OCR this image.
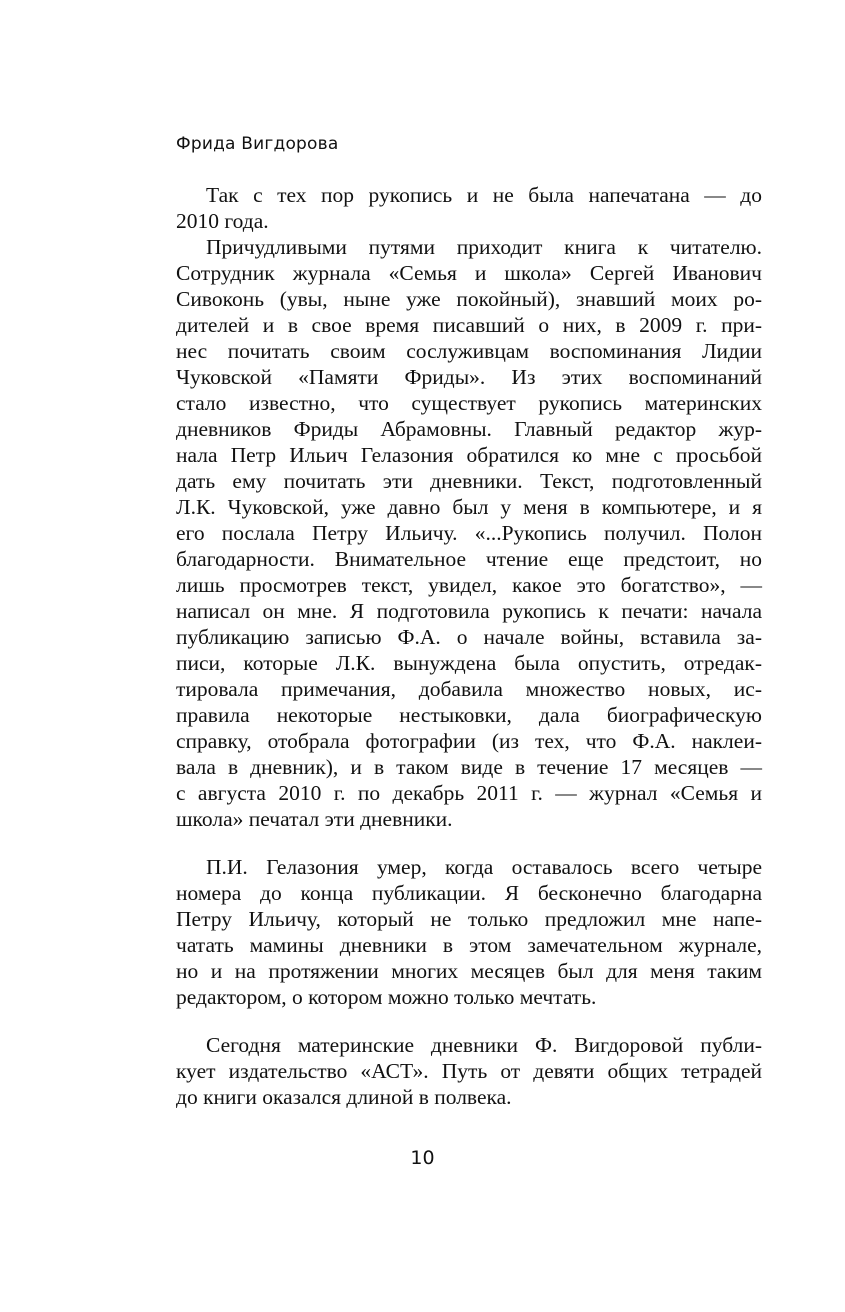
Фрида Вигдорова
Так с тех пор рукопись и не была напечатана — до
2010 года.
Причудливыми путями приходит книга к читателю.
Сотрудник журнала «Семья и школа» Сергей Иванович
Сивоконь (увы, ныне уже покойный), знавший моих ро-
дителей и в свое время писавший о них, в 2009 г. при-
нес почитать своим сослуживцам воспоминания Лидии
Чуковской «Памяти Фриды». Из этих воспоминаний
стало известно, что существует рукопись материнских
дневников Фриды Абрамовны. Главный редактор жур-
нала Петр Ильич Гелазония обратился ко мне с просьбой
дать ему почитать эти дневники. Текст, подготовленный
Л.К. Чуковской, уже давно был у меня в компьютере, и я
его послала Петру Ильичу. «...Рукопись получил. Полон
благодарности. Внимательное чтение еще предстоит, но
лишь просмотрев текст, увидел, какое это богатство», —
написал он мне. Я подготовила рукопись к печати: начала
публикацию записью Ф.А. о начале войны, вставила за-
писи, которые Л.К. вынуждена была опустить, отредак-
тировала примечания, добавила множество новых, ис-
правила некоторые нестыковки, дала биографическую
справку, отобрала фотографии (из тех, что Ф.А. наклеи-
вала в дневник), и в таком виде в течение 17 месяцев —
с августа 2010 г. по декабрь 2011 г. — журнал «Семья и
школа» печатал эти дневники.
П.И. Гелазония умер, когда оставалось всего четыре
номера до конца публикации. Я бесконечно благодарна
Петру Ильичу, который не только предложил мне напе-
чатать мамины дневники в этом замечательном журнале,
но и на протяжении многих месяцев был для меня таким
редактором, о котором можно только мечтать.
Сегодня материнские дневники Ф. Вигдоровой публи-
кует издательство «АСТ». Путь от девяти общих тетрадей
до книги оказался длиной в полвека.
10
